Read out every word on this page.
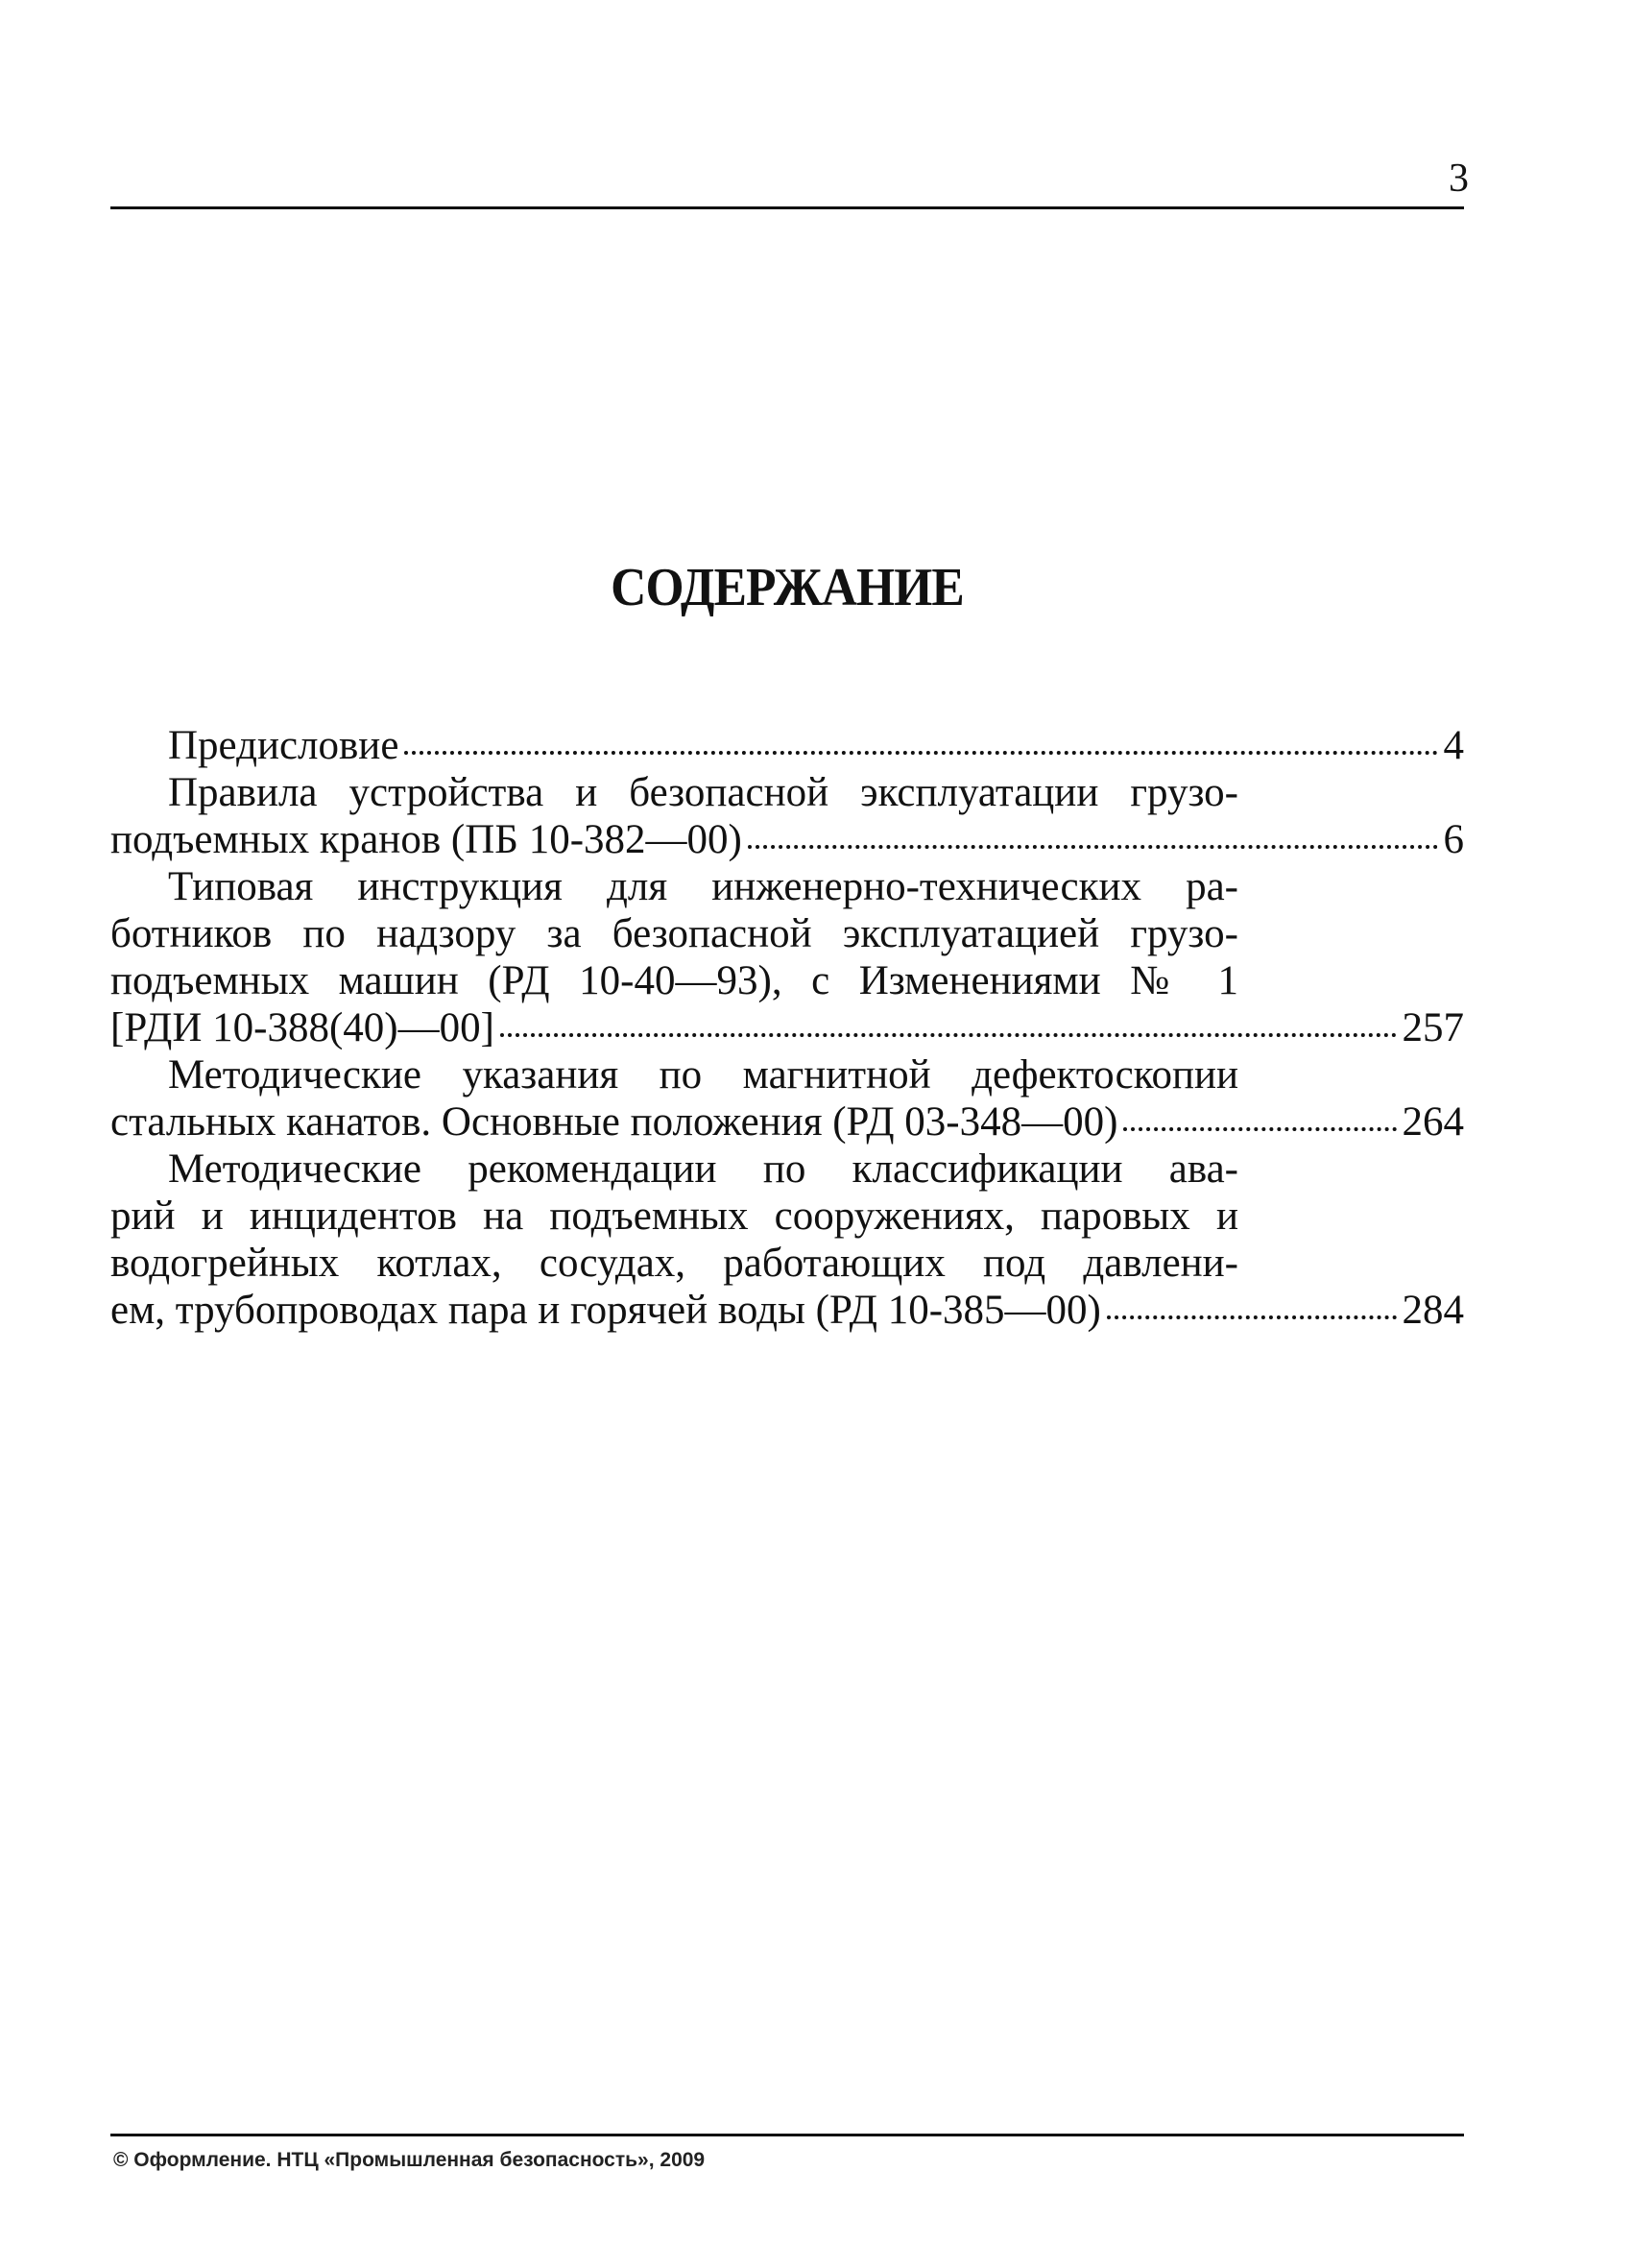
3
СОДЕРЖАНИЕ
Предисловие	4
Правила устройства и безопасной эксплуатации грузо-
подъемных кранов (ПБ 10-382—00)	6
Типовая инструкция для инженерно-технических ра-
ботников по надзору за безопасной эксплуатацией грузо-
подъемных машин (РД 10-40—93), с Изменениями № 1
[РДИ 10-388(40)—00]	257
Методические указания по магнитной дефектоскопии
стальных канатов. Основные положения (РД 03-348—00)	264
Методические рекомендации по классификации ава-
рий и инцидентов на подъемных сооружениях, паровых и
водогрейных котлах, сосудах, работающих под давлени-
ем, трубопроводах пара и горячей воды (РД 10-385—00)	284
© Оформление. НТЦ «Промышленная безопасность», 2009
